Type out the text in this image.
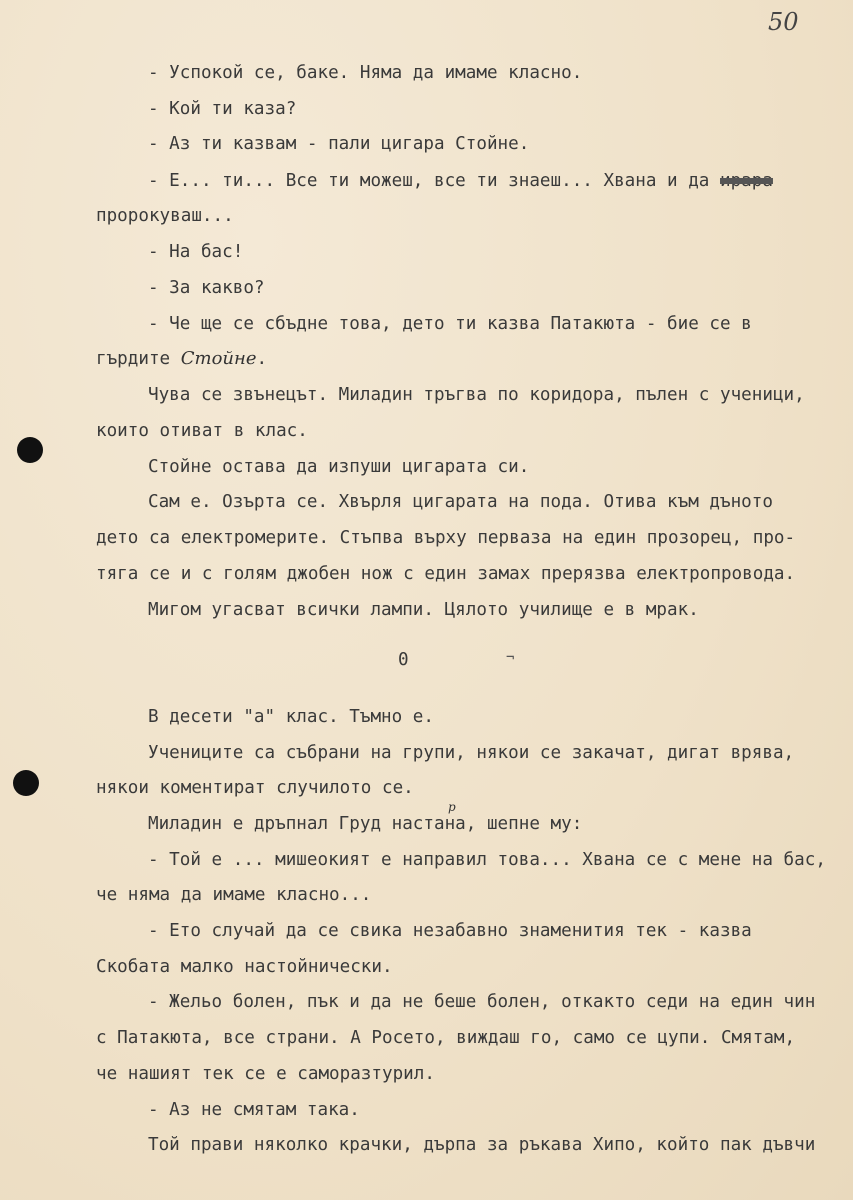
50

- Успокой се, баке. Няма да имаме класно.

- Кой ти каза?

- Аз ти казвам - пали цигара Стойне.

- Е... ти... Все ти можеш, все ти знаеш... Хвана и да ирара

пророкуваш...

- На бас!

- За какво?

- Че ще се сбъдне това, дето ти казва Патакюта - бие се в

гърдите Стойне.

Чува се звънецът. Миладин тръгва по коридора, пълен с ученици,

които отиват в клас.

Стойне остава да изпуши цигарата си.

Сам е. Озърта се. Хвърля цигарата на пода. Отива към дъното

дето са електромерите. Стъпва върху перваза на един прозорец, про-

тяга се и с голям джобен нож с един замах прерязва електропровода.

Мигом угасват всички лампи. Цялото училище е в мрак.

0	¬

В десети "а" клас. Тъмно е.

Учениците са събрани на групи, някои се закачат, дигат врява,

някои коментират случилото се.

р

Миладин е дръпнал Груд настана, шепне му:

- Той е ... мишеокият е направил това... Хвана се с мене на бас,

че няма да имаме класно...

- Ето случай да се свика незабавно знаменития тек - казва

Скобата малко настойнически.

- Жельо болен, пък и да не беше болен, откакто седи на един чин

с Патакюта, все страни. А Росето, виждаш го, само се цупи. Смятам,

че нашият тек се е саморазтурил.

- Аз не смятам така.

Той прави няколко крачки, дърпа за ръкава Хипо, който пак дъвчи
